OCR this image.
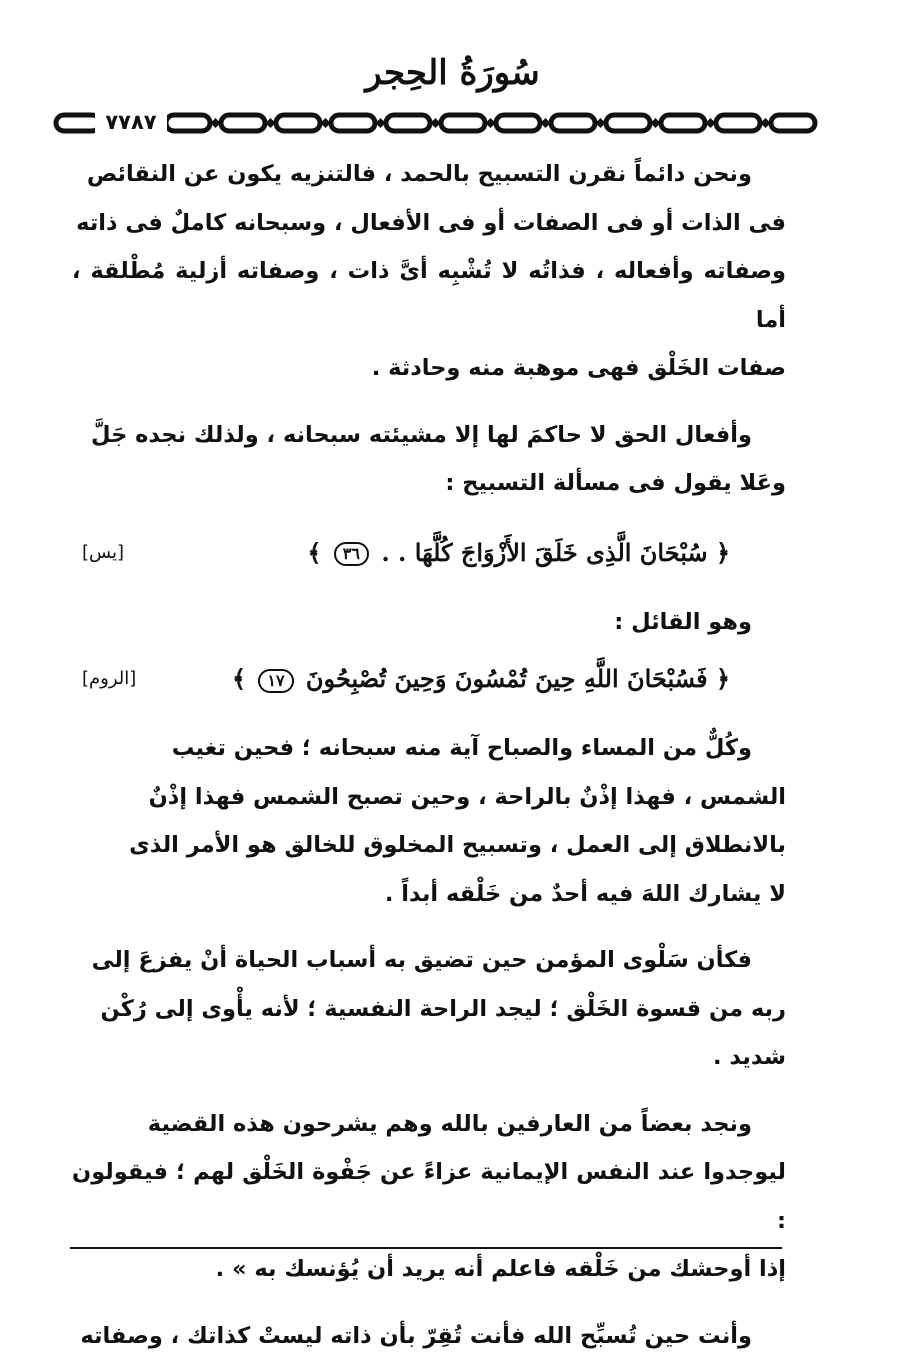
سُورَةُ الحِجر
٧٧٨٧

ونحن دائماً نقرن التسبيح بالحمد ، فالتنزيه يكون عن النقائص
فى الذات أو فى الصفات أو فى الأفعال ، وسبحانه كاملٌ فى ذاته
وصفاته وأفعاله ، فذاتُه لا تُشْبِه أىَّ ذات ، وصفاته أزلية مُطْلقة ، أما
صفات الخَلْق فهى موهبة منه وحادثة .

وأفعال الحق لا حاكمَ لها إلا مشيئته سبحانه ، ولذلك نجده جَلَّ
وعَلا يقول فى مسألة التسبيح :

﴿ سُبْحَانَ الَّذِى خَلَقَ الأَزْوَاجَ كُلَّهَا . . ٣٦ ﴾
[يس]

وهو القائل :

﴿ فَسُبْحَانَ اللَّهِ حِينَ تُمْسُونَ وَحِينَ تُصْبِحُونَ ١٧ ﴾
[الروم]

وكُلٌّ من المساء والصباح آية منه سبحانه ؛ فحين تغيب
الشمس ، فهذا إذْنٌ بالراحة ، وحين تصبح الشمس فهذا إذْنٌ
بالانطلاق إلى العمل ، وتسبيح المخلوق للخالق هو الأمر الذى
لا يشارك اللهَ فيه أحدٌ من خَلْقه أبداً .

فكأن سَلْوى المؤمن حين تضيق به أسباب الحياة أنْ يفزعَ إلى
ربه من قسوة الخَلْق ؛ ليجد الراحة النفسية ؛ لأنه يأْوى إلى رُكْن
شديد .

ونجد بعضاً من العارفين بالله وهم يشرحون هذه القضية
ليوجدوا عند النفس الإيمانية عزاءً عن جَفْوة الخَلْق لهم ؛ فيقولون :
إذا أوحشك من خَلْقه فاعلم أنه يريد أن يُؤنسك به » .

وأنت حين تُسبِّح الله فأنت تُقِرّ بأن ذاته ليستْ كذاتك ، وصفاته
